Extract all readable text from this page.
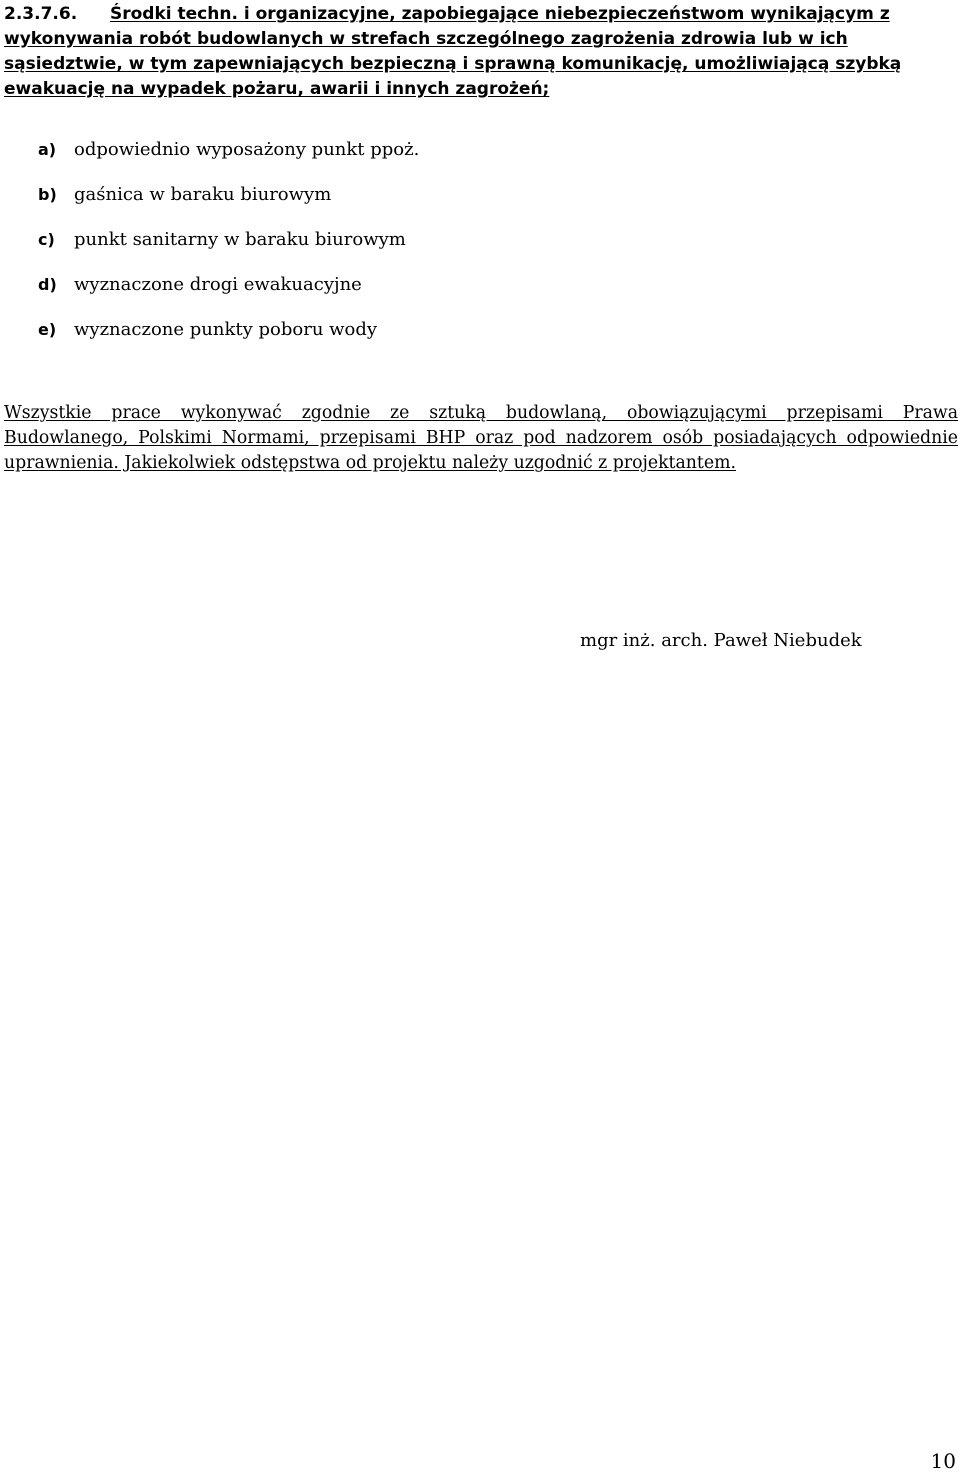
2.3.7.6.	Środki techn. i organizacyjne, zapobiegające niebezpieczeństwom wynikającym z wykonywania robót budowlanych w strefach szczególnego zagrożenia zdrowia lub w ich sąsiedztwie, w tym zapewniających bezpieczną i sprawną komunikację, umożliwiającą szybką ewakuację na wypadek pożaru, awarii i innych zagrożeń;
a) odpowiednio wyposażony punkt ppoż.
b) gaśnica w baraku biurowym
c)	punkt sanitarny w baraku biurowym
d) wyznaczone drogi ewakuacyjne
e) wyznaczone punkty poboru wody

Wszystkie prace wykonywać zgodnie ze sztuką budowlaną, obowiązującymi przepisami Prawa Budowlanego, Polskimi Normami, przepisami BHP oraz pod nadzorem osób posiadających odpowiednie uprawnienia. Jakiekolwiek odstępstwa od projektu należy uzgodnić z projektantem.

mgr inż. arch. Paweł Niebudek
10
